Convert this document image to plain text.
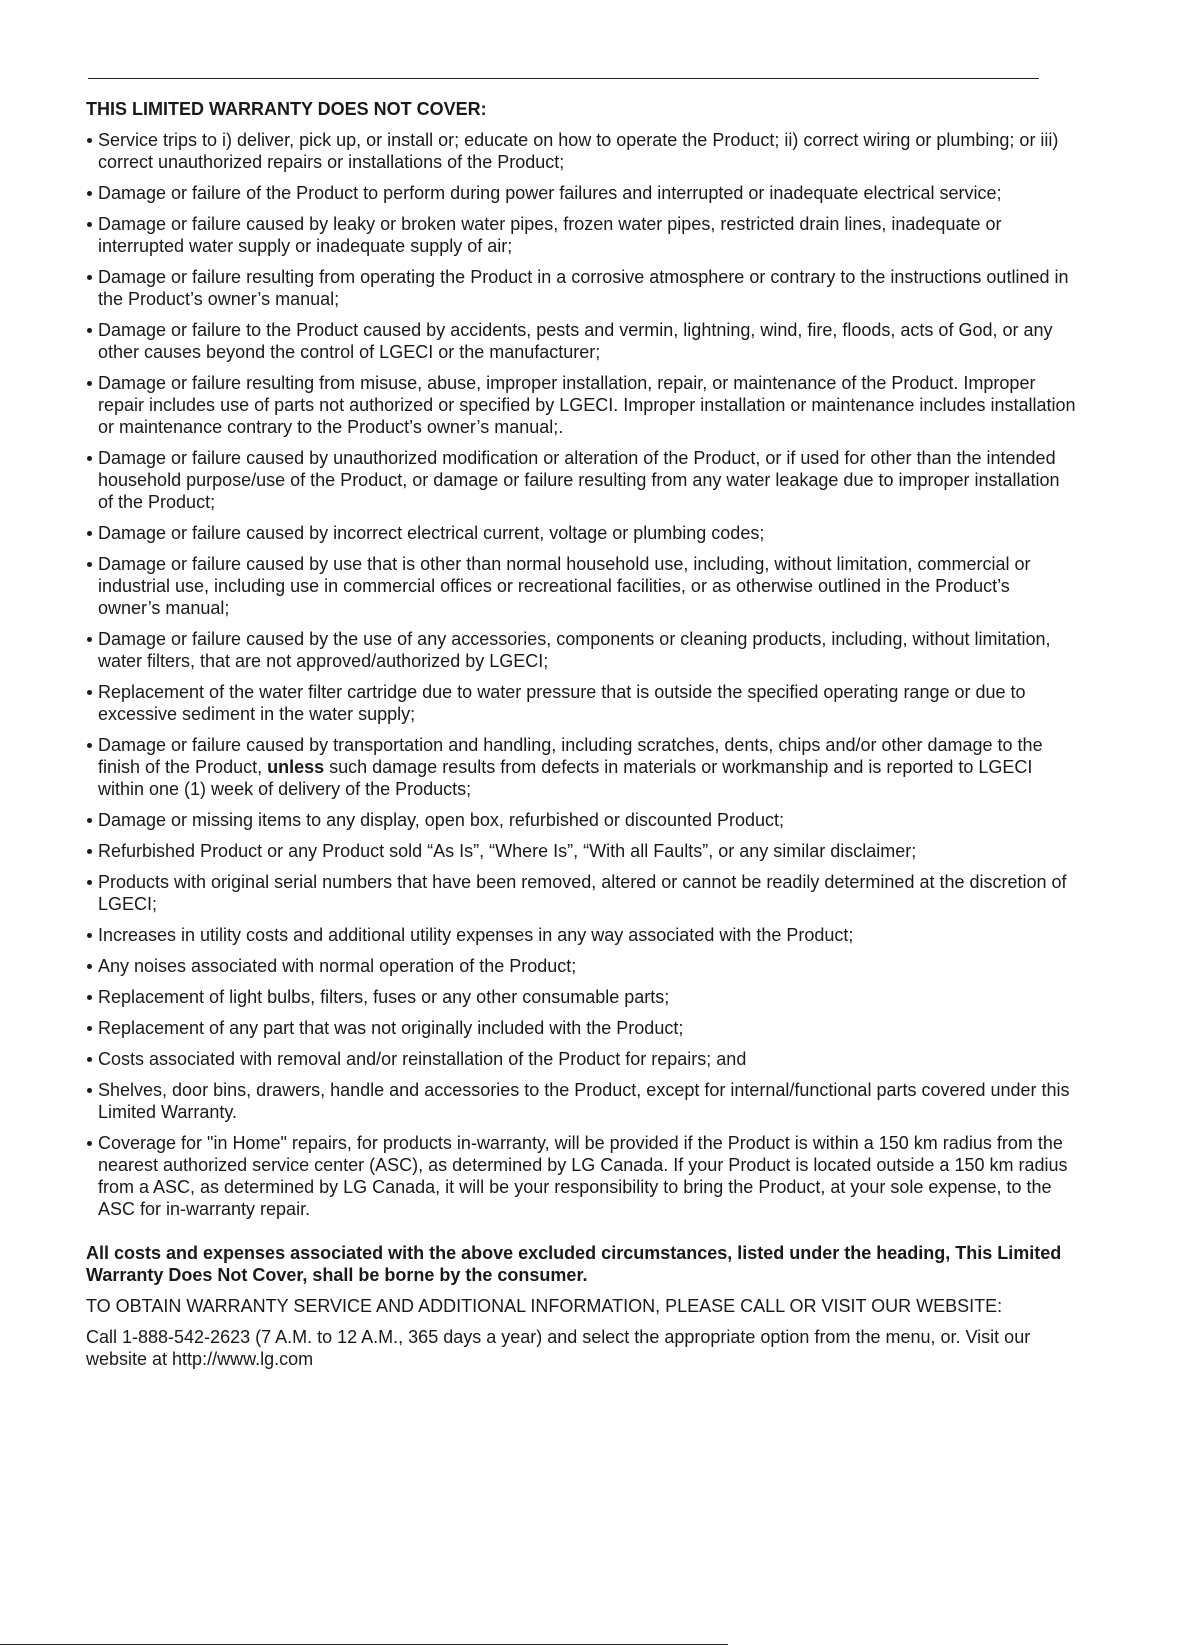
THIS LIMITED WARRANTY DOES NOT COVER:
Service trips to i) deliver, pick up, or install or; educate on how to operate the Product; ii) correct wiring or plumbing; or iii) correct unauthorized repairs or installations of the Product;
Damage or failure of the Product to perform during power failures and interrupted or inadequate electrical service;
Damage or failure caused by leaky or broken water pipes, frozen water pipes, restricted drain lines, inadequate or interrupted water supply or inadequate supply of air;
Damage or failure resulting from operating the Product in a corrosive atmosphere or contrary to the instructions outlined in the Product’s owner’s manual;
Damage or failure to the Product caused by accidents, pests and vermin, lightning, wind, fire, floods, acts of God, or any other causes beyond the control of LGECI or the manufacturer;
Damage or failure resulting from misuse, abuse, improper installation, repair, or maintenance of the Product. Improper repair includes use of parts not authorized or specified by LGECI. Improper installation or maintenance includes installation or maintenance contrary to the Product’s owner’s manual;.
Damage or failure caused by unauthorized modification or alteration of the Product, or if used for other than the intended household purpose/use of the Product, or damage or failure resulting from any water leakage due to improper installation of the Product;
Damage or failure caused by incorrect electrical current, voltage or plumbing codes;
Damage or failure caused by use that is other than normal household use, including, without limitation, commercial or industrial use, including use in commercial offices or recreational facilities, or as otherwise outlined in the Product’s owner’s manual;
Damage or failure caused by the use of any accessories, components or cleaning products, including, without limitation, water filters, that are not approved/authorized by LGECI;
Replacement of the water filter cartridge due to water pressure that is outside the specified operating range or due to excessive sediment in the water supply;
Damage or failure caused by transportation and handling, including scratches, dents, chips and/or other damage to the finish of the Product, unless such damage results from defects in materials or workmanship and is reported to LGECI within one (1) week of delivery of the Products;
Damage or missing items to any display, open box, refurbished or discounted Product;
Refurbished Product or any Product sold “As Is”, “Where Is”, “With all Faults”, or any similar disclaimer;
Products with original serial numbers that have been removed, altered or cannot be readily determined at the discretion of LGECI;
Increases in utility costs and additional utility expenses in any way associated with the Product;
Any noises associated with normal operation of the Product;
Replacement of light bulbs, filters, fuses or any other consumable parts;
Replacement of any part that was not originally included with the Product;
Costs associated with removal and/or reinstallation of the Product for repairs; and
Shelves, door bins, drawers, handle and accessories to the Product, except for internal/functional parts covered under this Limited Warranty.
Coverage for "in Home" repairs, for products in-warranty, will be provided if the Product is within a 150 km radius from the nearest authorized service center (ASC), as determined by LG Canada. If your Product is located outside a 150 km radius from a ASC, as determined by LG Canada, it will be your responsibility to bring the Product, at your sole expense, to the ASC for in-warranty repair.
All costs and expenses associated with the above excluded circumstances, listed under the heading, This Limited Warranty Does Not Cover, shall be borne by the consumer.
TO OBTAIN WARRANTY SERVICE AND ADDITIONAL INFORMATION, PLEASE CALL OR VISIT OUR WEBSITE:
Call 1-888-542-2623 (7 A.M. to 12 A.M., 365 days a year) and select the appropriate option from the menu, or. Visit our website at http://www.lg.com
